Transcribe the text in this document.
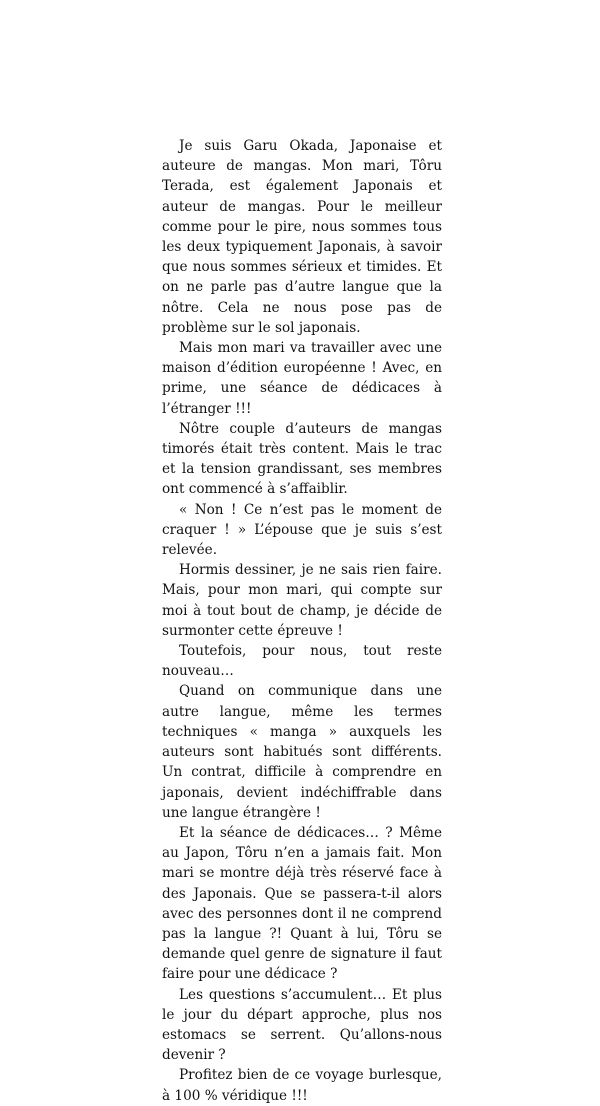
Je suis Garu Okada, Japonaise et auteure de mangas. Mon mari, Tôru Terada, est également Japonais et auteur de mangas. Pour le meilleur comme pour le pire, nous sommes tous les deux typiquement Japonais, à savoir que nous sommes sérieux et timides. Et on ne parle pas d’autre langue que la nôtre. Cela ne nous pose pas de problème sur le sol japonais.

Mais mon mari va travailler avec une maison d’édition européenne ! Avec, en prime, une séance de dédicaces à l’étranger !!!

Nôtre couple d’auteurs de mangas timorés était très content. Mais le trac et la tension grandissant, ses membres ont commencé à s’affaiblir.

« Non ! Ce n’est pas le moment de craquer ! » L’épouse que je suis s’est relevée.

Hormis dessiner, je ne sais rien faire. Mais, pour mon mari, qui compte sur moi à tout bout de champ, je décide de surmonter cette épreuve !

Toutefois, pour nous, tout reste nouveau…

Quand on communique dans une autre langue, même les termes techniques « manga » auxquels les auteurs sont habitués sont différents. Un contrat, difficile à comprendre en japonais, devient indéchiffrable dans une langue étrangère !

Et la séance de dédicaces… ? Même au Japon, Tôru n’en a jamais fait. Mon mari se montre déjà très réservé face à des Japonais. Que se passera-t-il alors avec des personnes dont il ne comprend pas la langue ?! Quant à lui, Tôru se demande quel genre de signature il faut faire pour une dédicace ?

Les questions s’accumulent… Et plus le jour du départ approche, plus nos estomacs se serrent. Qu’allons-nous devenir ?

Profitez bien de ce voyage burlesque, à 100 % véridique !!!
